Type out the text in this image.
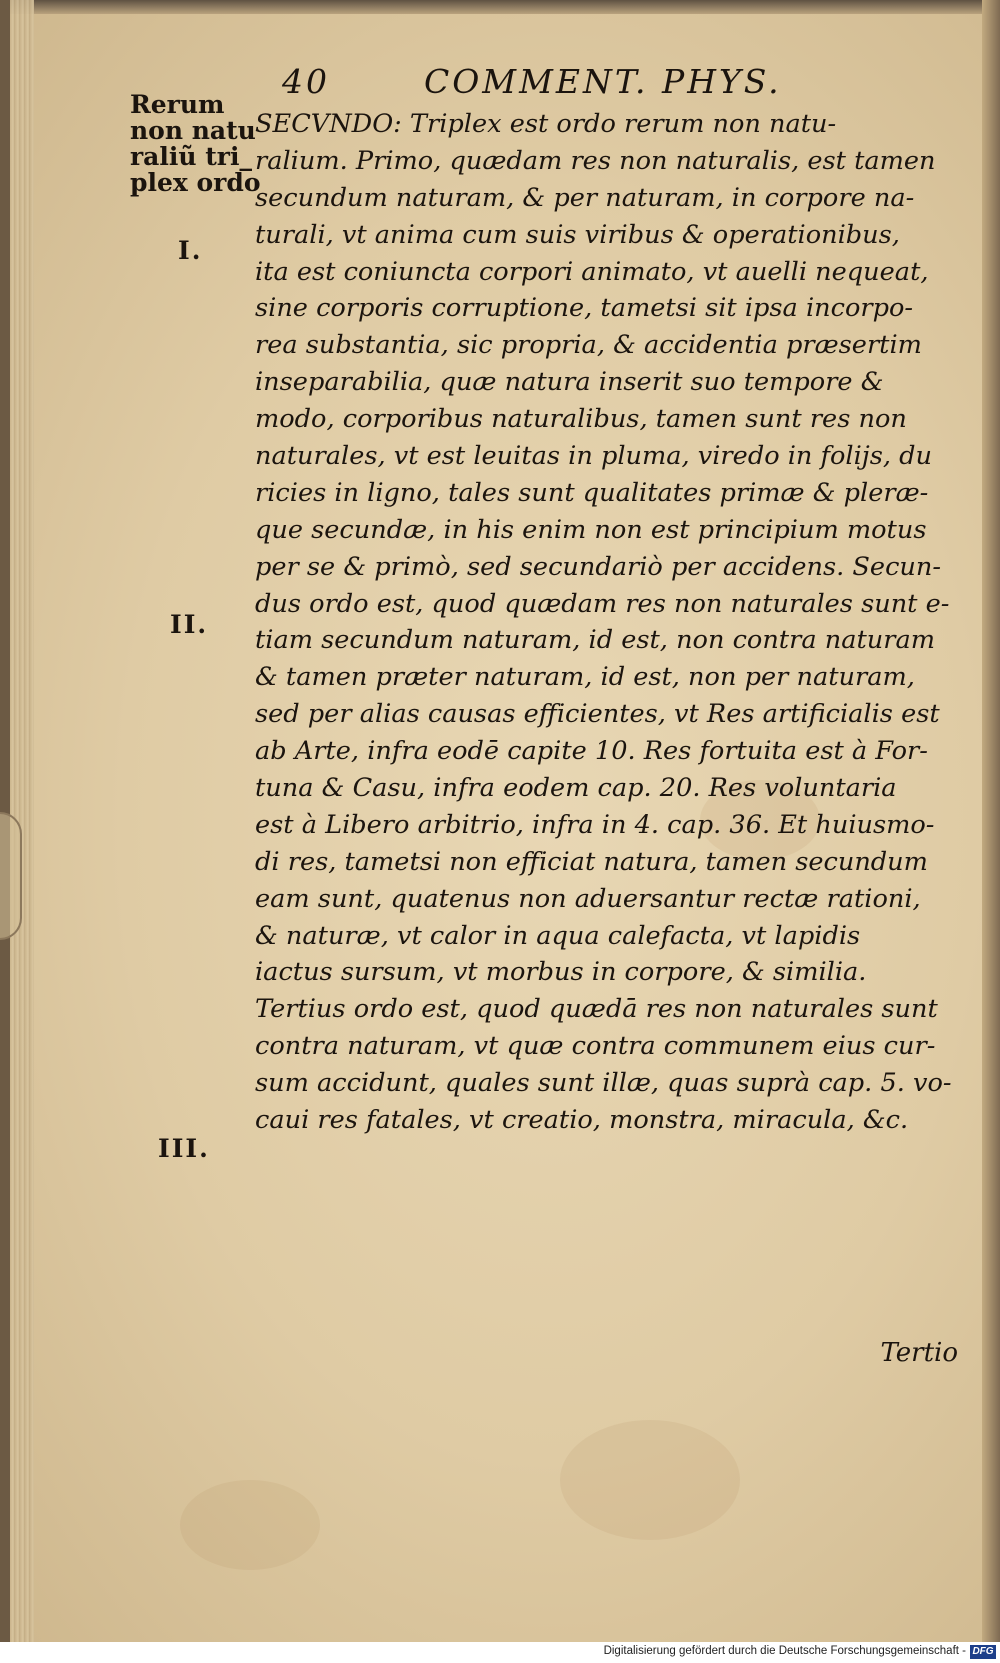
40	COMMENT. PHYS.
Rerum
non natu
raliũ tri_
plex ordo
I.
II.
III.
SECVNDO: Triplex est ordo rerum non natu-
ralium. Primo, quædam res non naturalis, est tamen
secundum naturam, & per naturam, in corpore na-
turali, vt anima cum suis viribus & operationibus,
ita est coniuncta corpori animato, vt auelli nequeat,
sine corporis corruptione, tametsi sit ipsa incorpo-
rea substantia, sic propria, & accidentia præsertim
inseparabilia, quæ natura inserit suo tempore &
modo, corporibus naturalibus, tamen sunt res non
naturales, vt est leuitas in pluma, viredo in folijs, du
ricies in ligno, tales sunt qualitates primæ & pleræ-
que secundæ, in his enim non est principium motus
per se & primò, sed secundariò per accidens. Secun-
dus ordo est, quod quædam res non naturales sunt e-
tiam secundum naturam, id est, non contra naturam
& tamen præter naturam, id est, non per naturam,
sed per alias causas efficientes, vt Res artificialis est
ab Arte, infra eodē capite 10. Res fortuita est à For-
tuna & Casu, infra eodem cap. 20. Res voluntaria
est à Libero arbitrio, infra in 4. cap. 36. Et huiusmo-
di res, tametsi non efficiat natura, tamen secundum
eam sunt, quatenus non aduersantur rectæ rationi,
& naturæ, vt calor in aqua calefacta, vt lapidis
iactus sursum, vt morbus in corpore, & similia.
Tertius ordo est, quod quædā res non naturales sunt
contra naturam, vt quæ contra communem eius cur-
sum accidunt, quales sunt illæ, quas suprà cap. 5. vo-
caui res fatales, vt creatio, monstra, miracula, &c.
Tertio
Digitalisierung gefördert durch die Deutsche Forschungsgemeinschaft - DFG
